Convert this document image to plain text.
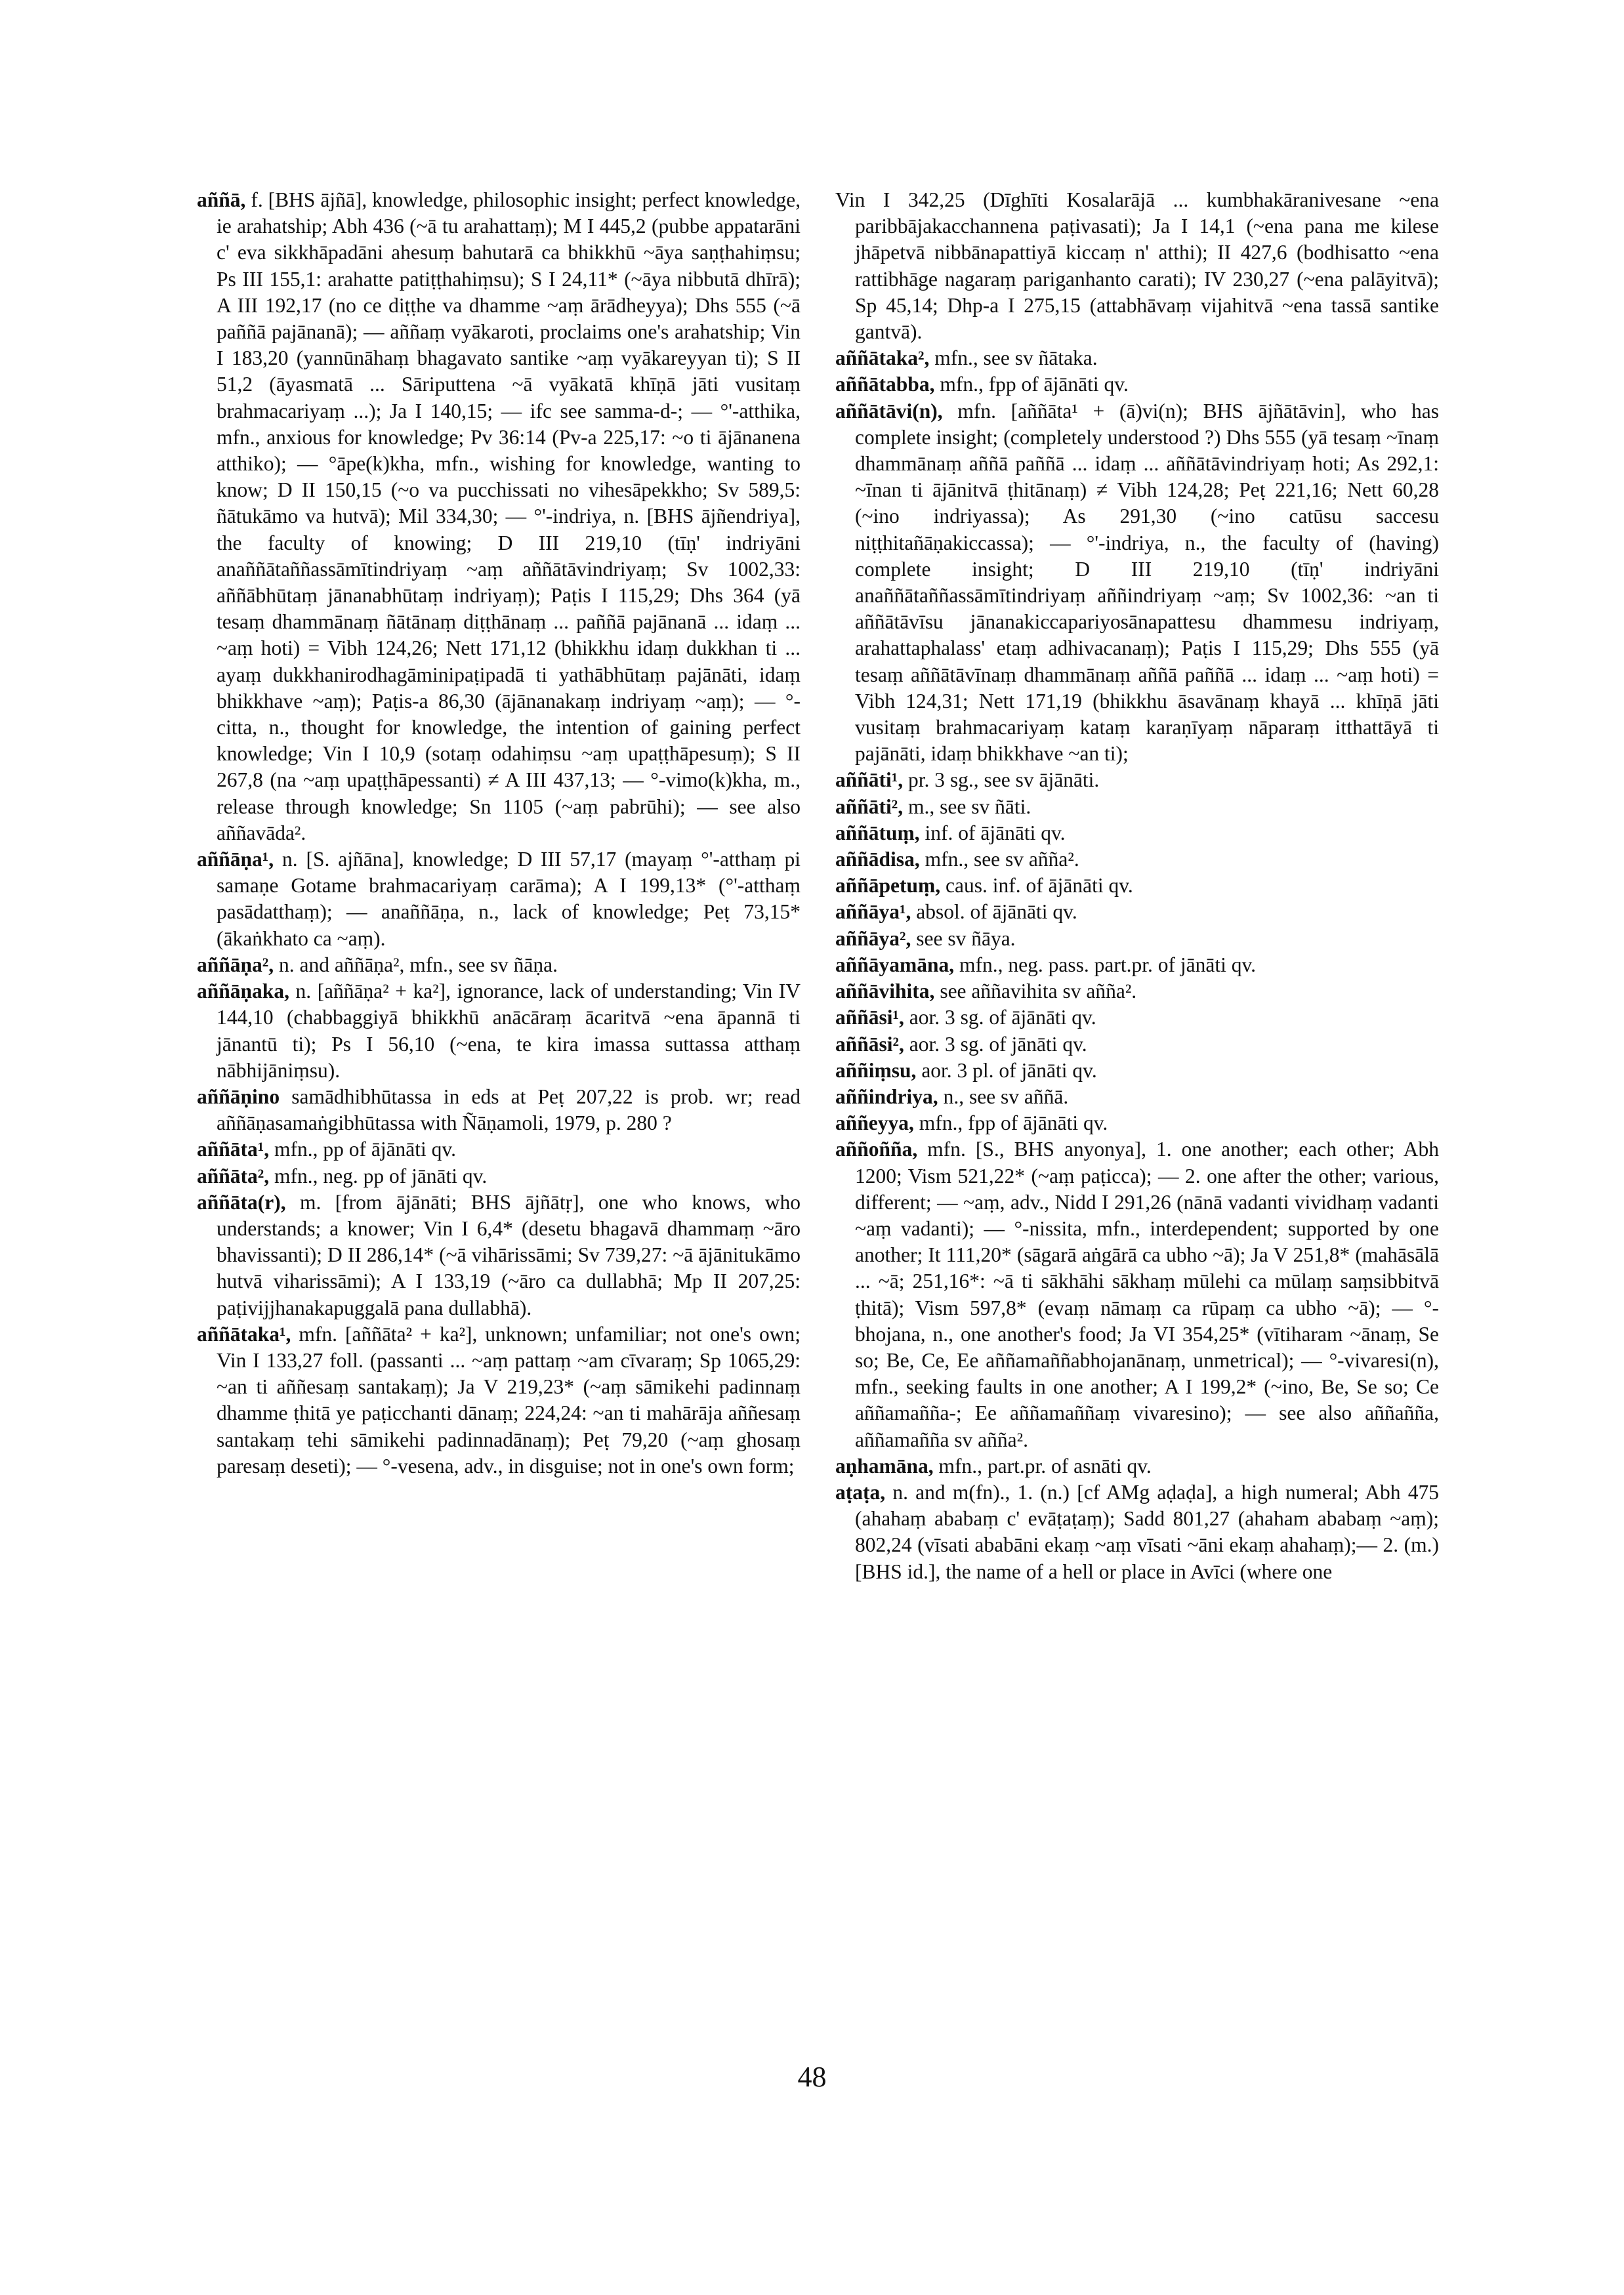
aññā, f. [BHS ājñā], knowledge, philosophic insight; perfect knowledge, ie arahatship; Abh 436 (~ā tu arahattaṃ); M I 445,2 (pubbe appatarāni c' eva sikkhāpadāni ahesuṃ bahutarā ca bhikkhū ~āya saṇṭhahiṃsu; Ps III 155,1: arahatte patiṭṭhahiṃsu); S I 24,11* (~āya nibbutā dhīrā); A III 192,17 (no ce diṭṭhe va dhamme ~aṃ ārādheyya); Dhs 555 (~ā paññā pajānanā); — aññaṃ vyākaroti, proclaims one's arahatship; Vin I 183,20 (yannūnāhaṃ bhagavato santike ~aṃ vyākareyyan ti); S II 51,2 (āyasmatā ... Sāriputtena ~ā vyākatā khīṇā jāti vusitaṃ brahmacariyaṃ ...); Ja I 140,15; — ifc see samma-d-; — °'-atthika, mfn., anxious for knowledge; Pv 36:14 (Pv-a 225,17: ~o ti ājānanena atthiko); — °āpe(k)kha, mfn., wishing for knowledge, wanting to know; D II 150,15 (~o va pucchissati no vihesāpekkho; Sv 589,5: ñātukāmo va hutvā); Mil 334,30; — °'-indriya, n. [BHS ājñendriya], the faculty of knowing; D III 219,10 (tīṇ' indriyāni anaññātaññassāmītindriyaṃ ~aṃ aññātāvindriyaṃ; Sv 1002,33: aññābhūtaṃ jānanabhūtaṃ indriyaṃ); Paṭis I 115,29; Dhs 364 (yā tesaṃ dhammānaṃ ñātānaṃ diṭṭhānaṃ ... paññā pajānanā ... idaṃ ... ~aṃ hoti) = Vibh 124,26; Nett 171,12 (bhikkhu idaṃ dukkhan ti ... ayaṃ dukkhanirodhagāminipaṭipadā ti yathābhūtaṃ pajānāti, idaṃ bhikkhave ~aṃ); Paṭis-a 86,30 (ājānanakaṃ indriyaṃ ~aṃ); — °-citta, n., thought for knowledge, the intention of gaining perfect knowledge; Vin I 10,9 (sotaṃ odahiṃsu ~aṃ upaṭṭhāpesuṃ); S II 267,8 (na ~aṃ upaṭṭhāpessanti) ≠ A III 437,13; — °-vimo(k)kha, m., release through knowledge; Sn 1105 (~aṃ pabrūhi); — see also aññavāda².

aññāṇa¹, n. [S. ajñāna], knowledge; D III 57,17 (mayaṃ °'-atthaṃ pi samaṇe Gotame brahmacariyaṃ carāma); A I 199,13* (°'-atthaṃ pasādatthaṃ); — anaññāṇa, n., lack of knowledge; Peṭ 73,15* (ākaṅkhato ca ~aṃ).

aññāṇa², n. and aññāṇa², mfn., see sv ñāṇa.

aññāṇaka, n. [aññāṇa² + ka²], ignorance, lack of understanding; Vin IV 144,10 (chabbaggiyā bhikkhū anācāraṃ ācaritvā ~ena āpannā ti jānantū ti); Ps I 56,10 (~ena, te kira imassa suttassa atthaṃ nābhijāniṃsu).

aññāṇino samādhibhūtassa in eds at Peṭ 207,22 is prob. wr; read aññāṇasamaṅgibhūtassa with Ñāṇamoli, 1979, p. 280 ?

aññāta¹, mfn., pp of ājānāti qv.

aññāta², mfn., neg. pp of jānāti qv.

aññāta(r), m. [from ājānāti; BHS ājñātṛ], one who knows, who understands; a knower; Vin I 6,4* (desetu bhagavā dhammaṃ ~āro bhavissanti); D II 286,14* (~ā vihārissāmi; Sv 739,27: ~ā ājānitukāmo hutvā viharissāmi); A I 133,19 (~āro ca dullabhā; Mp II 207,25: paṭivijjhanakapuggalā pana dullabhā).

aññātaka¹, mfn. [aññāta² + ka²], unknown; unfamiliar; not one's own; Vin I 133,27 foll. (passanti ... ~aṃ pattaṃ ~am cīvaraṃ; Sp 1065,29: ~an ti aññesaṃ santakaṃ); Ja V 219,23* (~aṃ sāmikehi padinnaṃ dhamme ṭhitā ye paṭicchanti dānaṃ; 224,24: ~an ti mahārāja aññesaṃ santakaṃ tehi sāmikehi padinnadānaṃ); Peṭ 79,20 (~aṃ ghosaṃ paresaṃ deseti); — °-vesena, adv., in disguise; not in one's own form;

Vin I 342,25 (Dīghīti Kosalarājā ... kumbhakāranivesane ~ena paribbājakacchannena paṭivasati); Ja I 14,1 (~ena pana me kilese jhāpetvā nibbānapattiyā kiccaṃ n' atthi); II 427,6 (bodhisatto ~ena rattibhāge nagaraṃ pariganhanto carati); IV 230,27 (~ena palāyitvā); Sp 45,14; Dhp-a I 275,15 (attabhāvaṃ vijahitvā ~ena tassā santike gantvā).

aññātaka², mfn., see sv ñātaka.

aññātabba, mfn., fpp of ājānāti qv.

aññātāvi(n), mfn. [aññāta¹ + (ā)vi(n); BHS ājñātāvin], who has complete insight; (completely understood ?) Dhs 555 (yā tesaṃ ~īnaṃ dhammānaṃ aññā paññā ... idaṃ ... aññātāvindriyaṃ hoti; As 292,1: ~īnan ti ājānitvā ṭhitānaṃ) ≠ Vibh 124,28; Peṭ 221,16; Nett 60,28 (~ino indriyassa); As 291,30 (~ino catūsu saccesu niṭṭhitañāṇakiccassa); — °'-indriya, n., the faculty of (having) complete insight; D III 219,10 (tīṇ' indriyāni anaññātaññassāmītindriyaṃ aññindriyaṃ ~aṃ; Sv 1002,36: ~an ti aññātāvīsu jānanakiccapariyosānapattesu dhammesu indriyaṃ, arahattaphalass' etaṃ adhivacanaṃ); Paṭis I 115,29; Dhs 555 (yā tesaṃ aññātāvīnaṃ dhammānaṃ aññā paññā ... idaṃ ... ~aṃ hoti) = Vibh 124,31; Nett 171,19 (bhikkhu āsavānaṃ khayā ... khīṇā jāti vusitaṃ brahmacariyaṃ kataṃ karaṇīyaṃ nāparaṃ itthattāyā ti pajānāti, idaṃ bhikkhave ~an ti);

aññāti¹, pr. 3 sg., see sv ājānāti.

aññāti², m., see sv ñāti.

aññātuṃ, inf. of ājānāti qv.

aññādisa, mfn., see sv añña².

aññāpetuṃ, caus. inf. of ājānāti qv.

aññāya¹, absol. of ājānāti qv.

aññāya², see sv ñāya.

aññāyamāna, mfn., neg. pass. part.pr. of jānāti qv.

aññāvihita, see aññavihita sv añña².

aññāsi¹, aor. 3 sg. of ājānāti qv.

aññāsi², aor. 3 sg. of jānāti qv.

aññiṃsu, aor. 3 pl. of jānāti qv.

aññindriya, n., see sv aññā.

aññeyya, mfn., fpp of ājānāti qv.

aññoñña, mfn. [S., BHS anyonya], 1. one another; each other; Abh 1200; Vism 521,22* (~aṃ paṭicca); — 2. one after the other; various, different; — ~aṃ, adv., Nidd I 291,26 (nānā vadanti vividhaṃ vadanti ~aṃ vadanti); — °-nissita, mfn., interdependent; supported by one another; It 111,20* (sāgarā aṅgārā ca ubho ~ā); Ja V 251,8* (mahāsālā ... ~ā; 251,16*: ~ā ti sākhāhi sākhaṃ mūlehi ca mūlaṃ saṃsibbitvā ṭhitā); Vism 597,8* (evaṃ nāmaṃ ca rūpaṃ ca ubho ~ā); — °-bhojana, n., one another's food; Ja VI 354,25* (vītiharam ~ānaṃ, Se so; Be, Ce, Ee aññamaññabhojanānaṃ, unmetrical); — °-vivaresi(n), mfn., seeking faults in one another; A I 199,2* (~ino, Be, Se so; Ce aññamañña-; Ee aññamaññaṃ vivaresino); — see also aññañña, aññamañña sv añña².

aṇhamāna, mfn., part.pr. of asnāti qv.

aṭaṭa, n. and m(fn)., 1. (n.) [cf AMg aḍaḍa], a high numeral; Abh 475 (ahahaṃ ababaṃ c' evāṭaṭaṃ); Sadd 801,27 (ahaham ababaṃ ~aṃ); 802,24 (vīsati ababāni ekaṃ ~aṃ vīsati ~āni ekaṃ ahahaṃ);— 2. (m.) [BHS id.], the name of a hell or place in Avīci (where one

48
